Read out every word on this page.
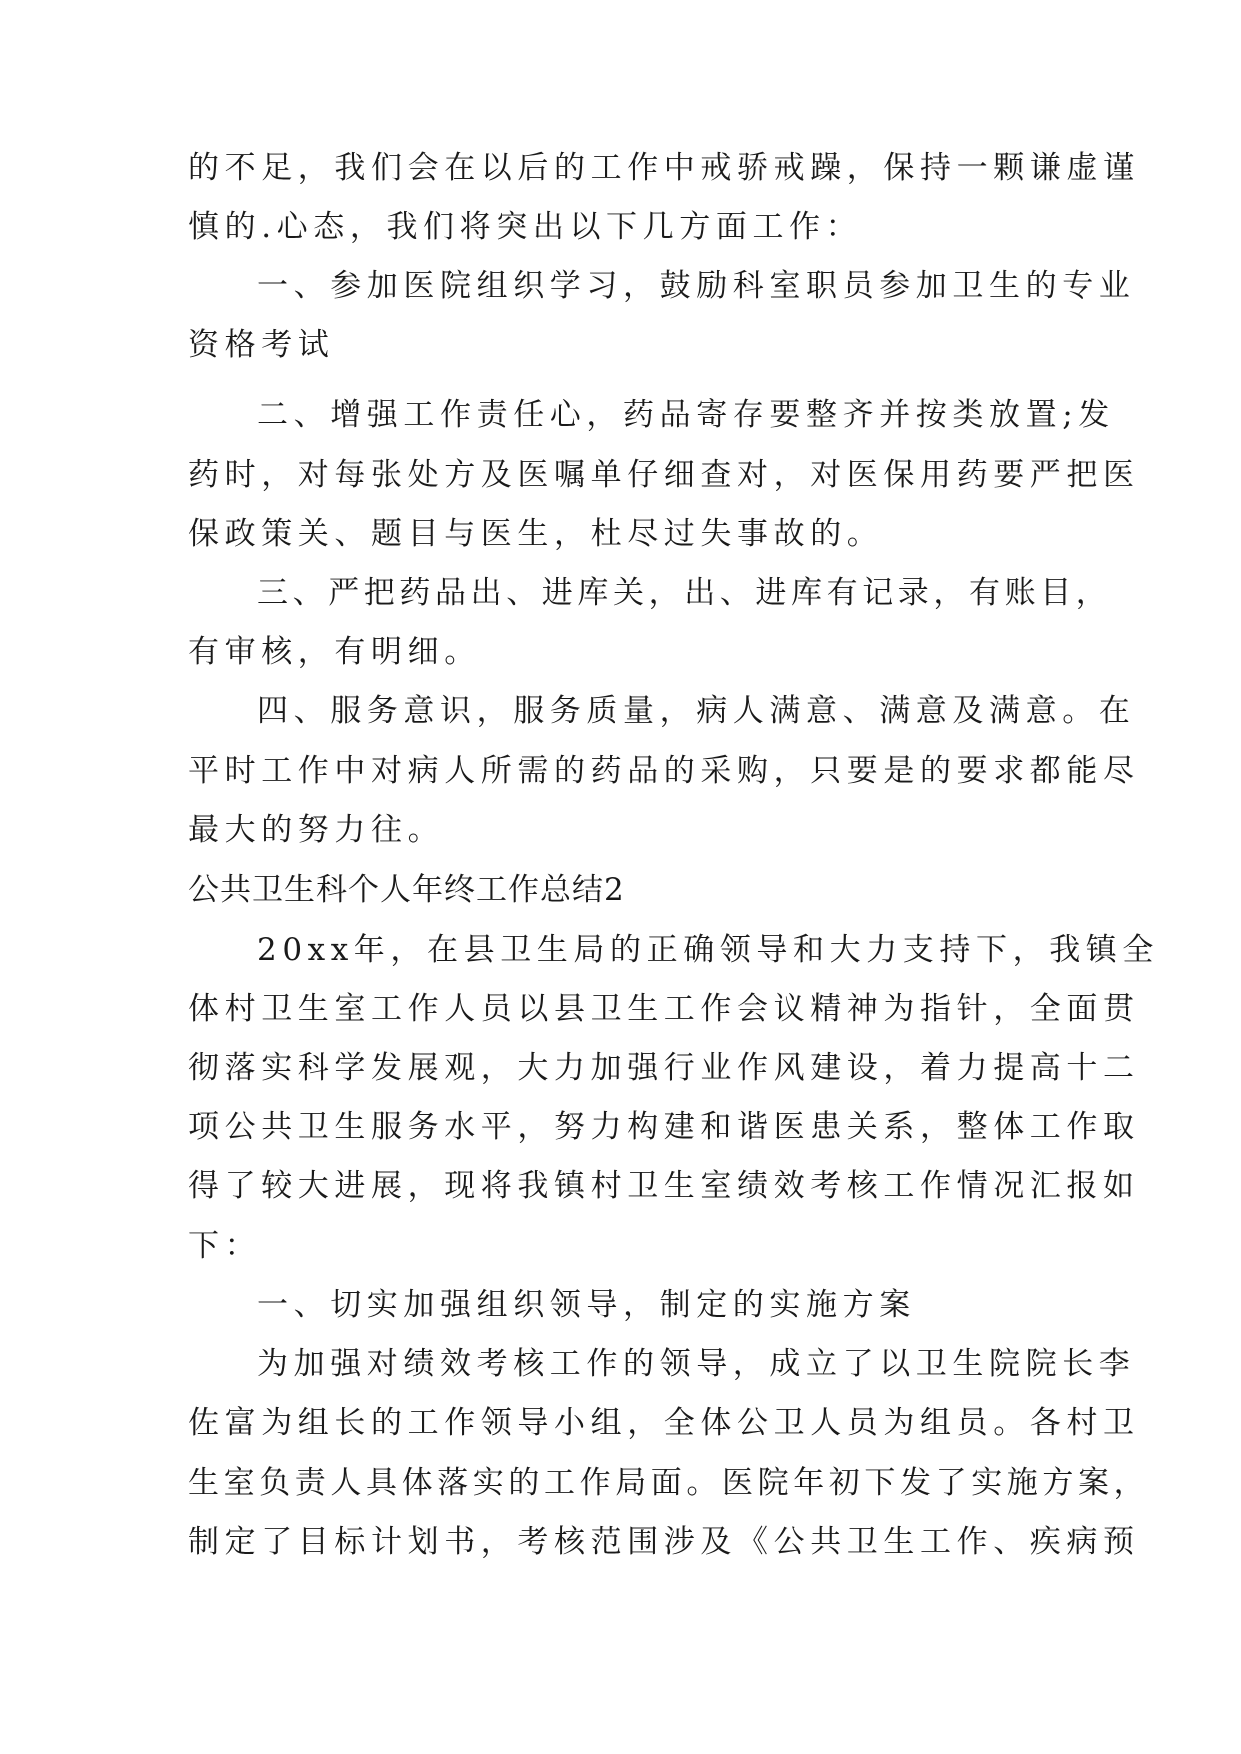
的不足，我们会在以后的工作中戒骄戒躁，保持一颗谦虚谨
慎的.心态，我们将突出以下几方面工作：
一、参加医院组织学习，鼓励科室职员参加卫生的专业
资格考试
二、增强工作责任心，药品寄存要整齐并按类放置;发
药时，对每张处方及医嘱单仔细查对，对医保用药要严把医
保政策关、题目与医生，杜尽过失事故的。
三、严把药品出、进库关，出、进库有记录，有账目，
有审核，有明细。
四、服务意识，服务质量，病人满意、满意及满意。在
平时工作中对病人所需的药品的采购，只要是的要求都能尽
最大的努力往。
公共卫生科个人年终工作总结2
20xx年，在县卫生局的正确领导和大力支持下，我镇全
体村卫生室工作人员以县卫生工作会议精神为指针，全面贯
彻落实科学发展观，大力加强行业作风建设，着力提高十二
项公共卫生服务水平，努力构建和谐医患关系，整体工作取
得了较大进展，现将我镇村卫生室绩效考核工作情况汇报如
下：
一、切实加强组织领导，制定的实施方案
为加强对绩效考核工作的领导，成立了以卫生院院长李
佐富为组长的工作领导小组，全体公卫人员为组员。各村卫
生室负责人具体落实的工作局面。医院年初下发了实施方案，
制定了目标计划书，考核范围涉及《公共卫生工作、疾病预
